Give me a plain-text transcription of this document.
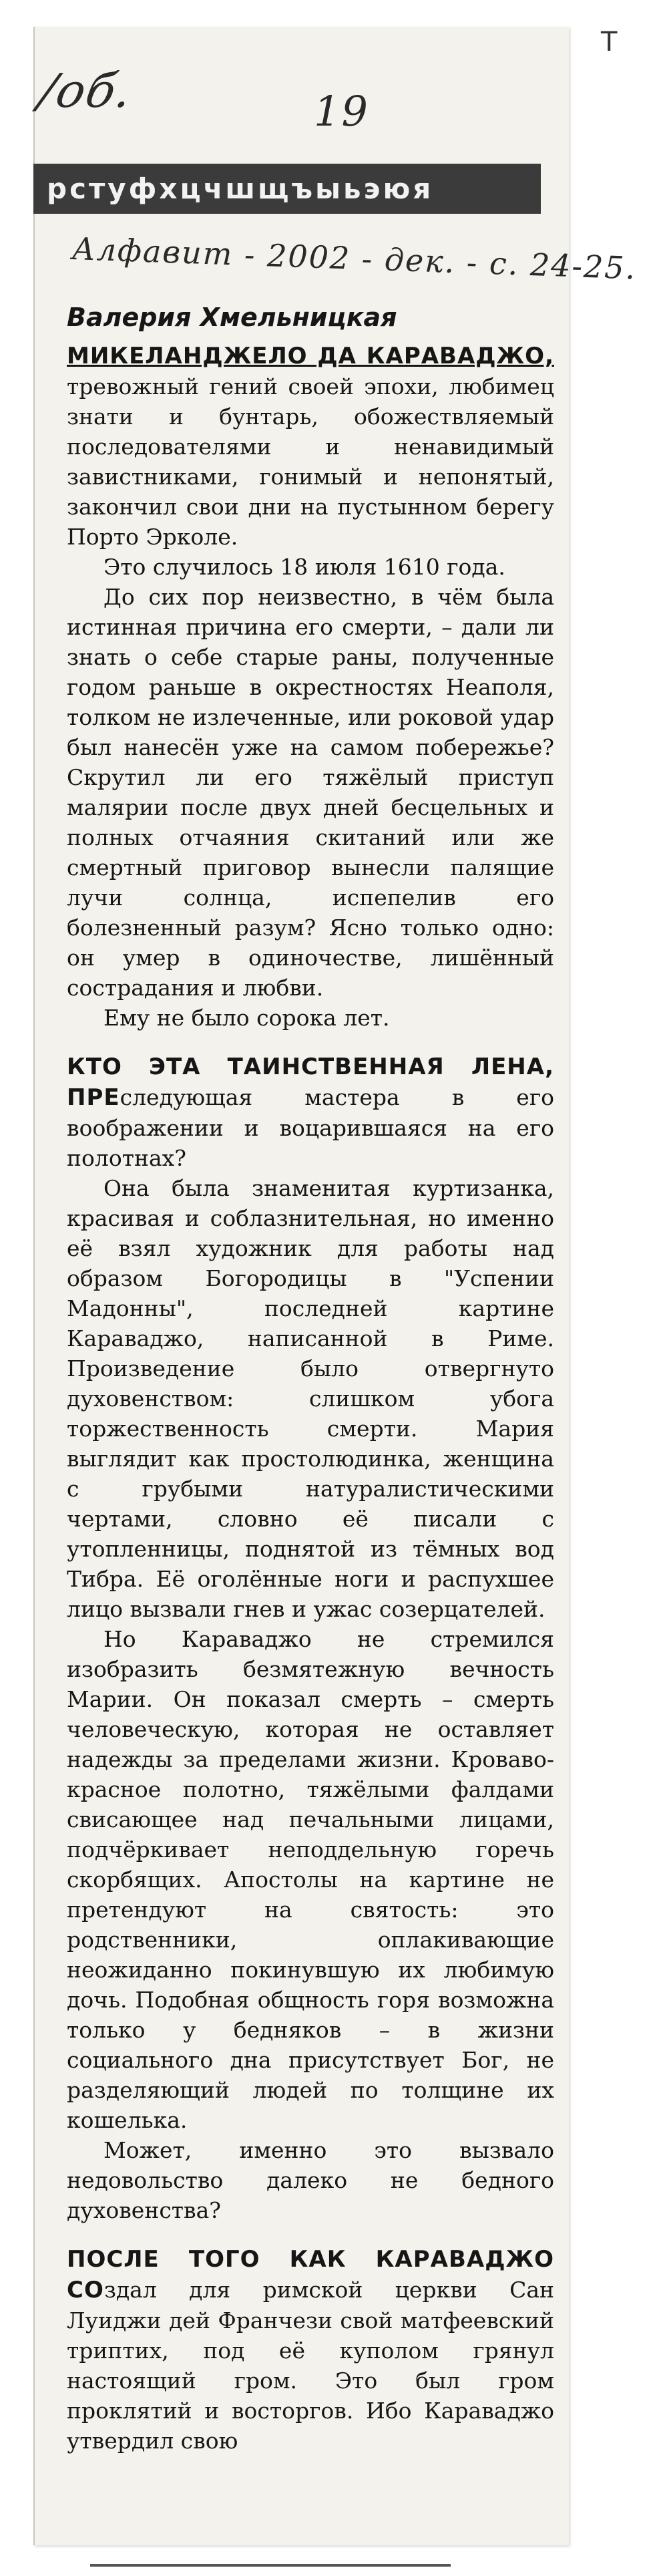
T
/об.	19
рстуфхцчшщъыьэюя
Алфавит - 2002 - дек. - с. 24-25.
Валерия Хмельницкая

МИКЕЛАНДЖЕЛО ДА КАРАВАДЖО, тревожный гений своей эпохи, любимец знати и бунтарь, обожествляемый последователями и ненавидимый завистниками, гонимый и непонятый, закончил свои дни на пустынном берегу Порто Эрколе.

Это случилось 18 июля 1610 года.

До сих пор неизвестно, в чём была истинная причина его смерти, – дали ли знать о себе старые раны, полученные годом раньше в окрестностях Неаполя, толком не излеченные, или роковой удар был нанесён уже на самом побережье? Скрутил ли его тяжёлый приступ малярии после двух дней бесцельных и полных отчаяния скитаний или же смертный приговор вынесли палящие лучи солнца, испепелив его болезненный разум? Ясно только одно: он умер в одиночестве, лишённый сострадания и любви.

Ему не было сорока лет.

КТО ЭТА ТАИНСТВЕННАЯ ЛЕНА, ПРЕследующая мастера в его воображении и воцарившаяся на его полотнах?

Она была знаменитая куртизанка, красивая и соблазнительная, но именно её взял художник для работы над образом Богородицы в "Успении Мадонны", последней картине Караваджо, написанной в Риме. Произведение было отвергнуто духовенством: слишком убога торжественность смерти. Мария выглядит как простолюдинка, женщина с грубыми натуралистическими чертами, словно её писали с утопленницы, поднятой из тёмных вод Тибра. Её оголённые ноги и распухшее лицо вызвали гнев и ужас созерцателей.

Но Караваджо не стремился изобразить безмятежную вечность Марии. Он показал смерть – смерть человеческую, которая не оставляет надежды за пределами жизни. Кроваво-красное полотно, тяжёлыми фалдами свисающее над печальными лицами, подчёркивает неподдельную горечь скорбящих. Апостолы на картине не претендуют на святость: это родственники, оплакивающие неожиданно покинувшую их любимую дочь. Подобная общность горя возможна только у бедняков – в жизни социального дна присутствует Бог, не разделяющий людей по толщине их кошелька.

Может, именно это вызвало недовольство далеко не бедного духовенства?

ПОСЛЕ ТОГО КАК КАРАВАДЖО СОздал для римской церкви Сан Луиджи дей Франчези свой матфеевский триптих, под её куполом грянул настоящий гром. Это был гром проклятий и восторгов. Ибо Караваджо утвердил свою
